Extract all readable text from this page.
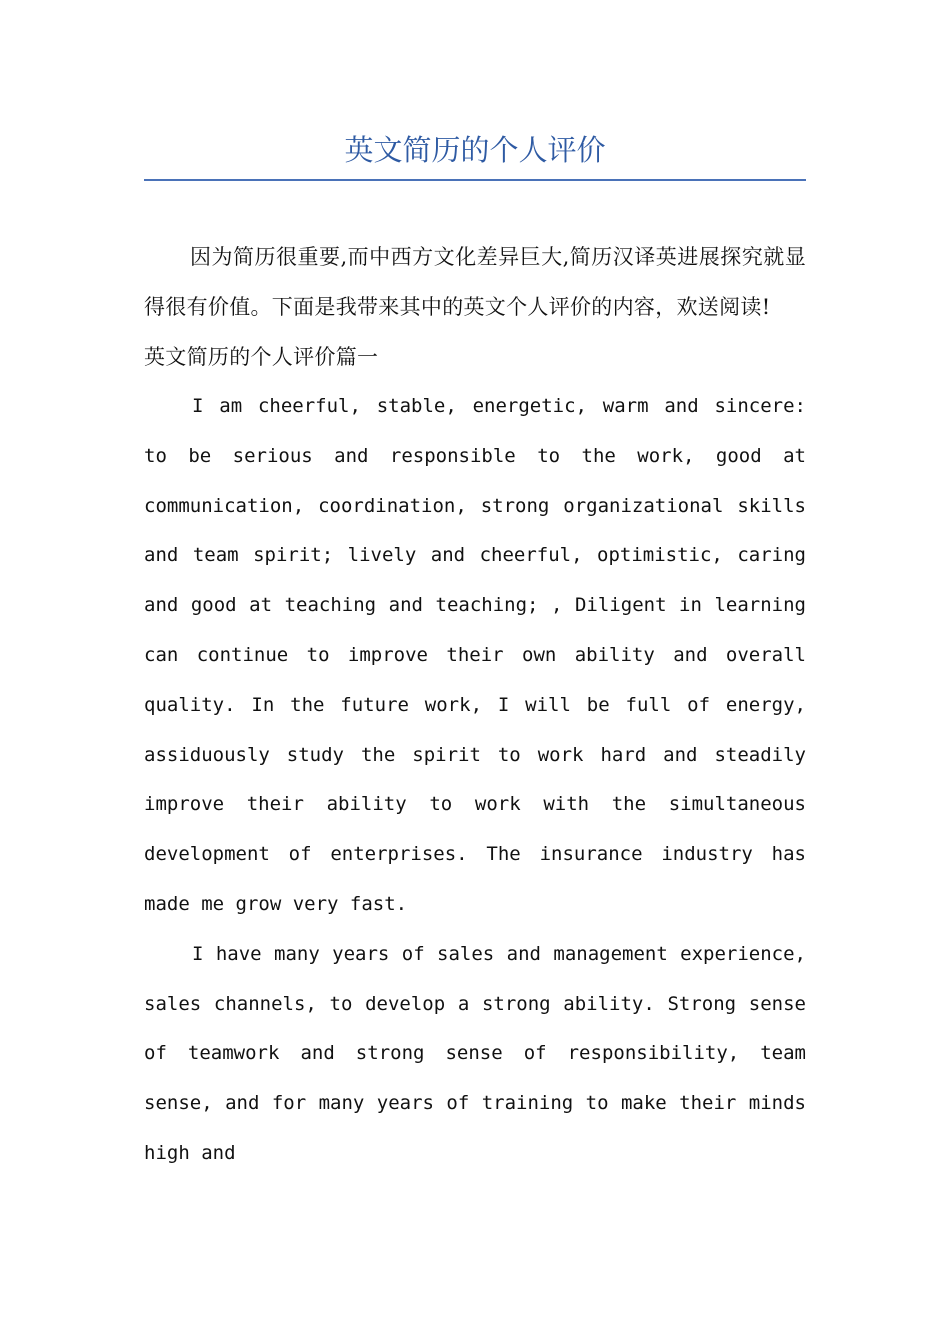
英文简历的个人评价

因为简历很重要,而中西方文化差异巨大,简历汉译英进展探究就显得很有价值。下面是我带来其中的英文个人评价的内容，欢送阅读!

英文简历的个人评价篇一

I am cheerful, stable, energetic, warm and sincere: to be serious and responsible to the work, good at communication, coordination, strong organizational skills and team spirit; lively and cheerful, optimistic, caring and good at teaching and teaching; , Diligent in learning can continue to improve their own ability and overall quality. In the future work, I will be full of energy, assiduously study the spirit to work hard and steadily improve their ability to work with the simultaneous development of enterprises. The insurance industry has made me grow very fast.

I have many years of sales and management experience, sales channels, to develop a strong ability. Strong sense of teamwork and strong sense of responsibility, team sense, and for many years of training to make their minds high and
